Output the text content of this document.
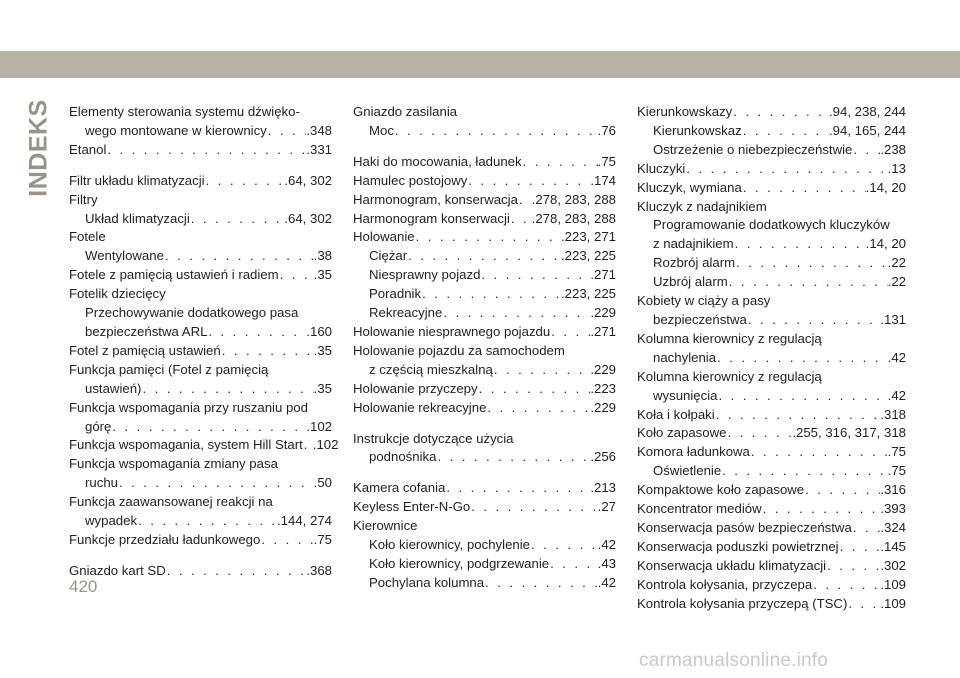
INDEKS Elementy sterowania systemu dźwięko-
wego montowane w kierownicy . . .	.348
Etanol . . .	.331
Filtr układu klimatyzacji . . .	.64, 302
Filtry
Układ klimatyzacji . . .	.64, 302
Fotele
Wentylowane . . .	.38
Fotele z pamięcią ustawień i radiem . . .	.35
Fotelik dziecięcy
Przechowywanie dodatkowego pasa
bezpieczeństwa ARL . . .	.160
Fotel z pamięcią ustawień . . .	.35
Funkcja pamięci (Fotel z pamięcią
ustawień) . . .	.35
Funkcja wspomagania przy ruszaniu pod
górę . . .	.102
Funkcja wspomagania, system Hill Start . . . .102
Funkcja wspomagania zmiany pasa
ruchu . . .	.50
Funkcja zaawansowanej reakcji na
wypadek . . .	.144, 274
Funkcje przedziału ładunkowego . . .	.75
Gniazdo kart SD . . .	.368
Gniazdo zasilania
Moc . . .	.76
Haki do mocowania, ładunek . . .	.75
Hamulec postojowy . . .	.174
Harmonogram, konserwacja . . . .278, 283, 288
Harmonogram konserwacji . . . .278, 283, 288
Holowanie . . .	.223, 271
Ciężar . . .	.223, 225
Niesprawny pojazd . . .	.271
Poradnik . . .	.223, 225
Rekreacyjne . . .	.229
Holowanie niesprawnego pojazdu . . .	.271
Holowanie pojazdu za samochodem
z częścią mieszkalną . . .	.229
Holowanie przyczepy . . .	.223
Holowanie rekreacyjne . . .	.229
Instrukcje dotyczące użycia
podnośnika . . .	.256
Kamera cofania . . .	.213
Keyless Enter-N-Go . . .	.27
Kierownice
Koło kierownicy, pochylenie . . .	.42
Koło kierownicy, podgrzewanie . . .	.43
Pochylana kolumna . . .	.42
Kierunkowskazy . . .	.94, 238, 244
Kierunkowskaz . . .	.94, 165, 244
Ostrzeżenie o niebezpieczeństwie . . . .238
Kluczyki . . .	.13
Kluczyk, wymiana . . .	.14, 20
Kluczyk z nadajnikiem
Programowanie dodatkowych kluczyków
z nadajnikiem . . .	.14, 20
Rozbrój alarm . . .	.22
Uzbrój alarm . . .	.22
Kobiety w ciąży a pasy
bezpieczeństwa . . .	.131
Kolumna kierownicy z regulacją
nachylenia . . .	.42
Kolumna kierownicy z regulacją
wysunięcia . . .	.42
Koła i kołpaki . . .	.318
Koło zapasowe . . .	.255, 316, 317, 318
Komora ładunkowa . . .	.75
Oświetlenie . . .	.75
Kompaktowe koło zapasowe . . .	.316
Koncentrator mediów . . .	.393
Konserwacja pasów bezpieczeństwa . . . .324
Konserwacja poduszki powietrznej . . .	.145
Konserwacja układu klimatyzacji . . .	.302
Kontrola kołysania, przyczepa . . .	.109
Kontrola kołysania przyczepą (TSC) . . . .109
420
carmanualsonline.info
